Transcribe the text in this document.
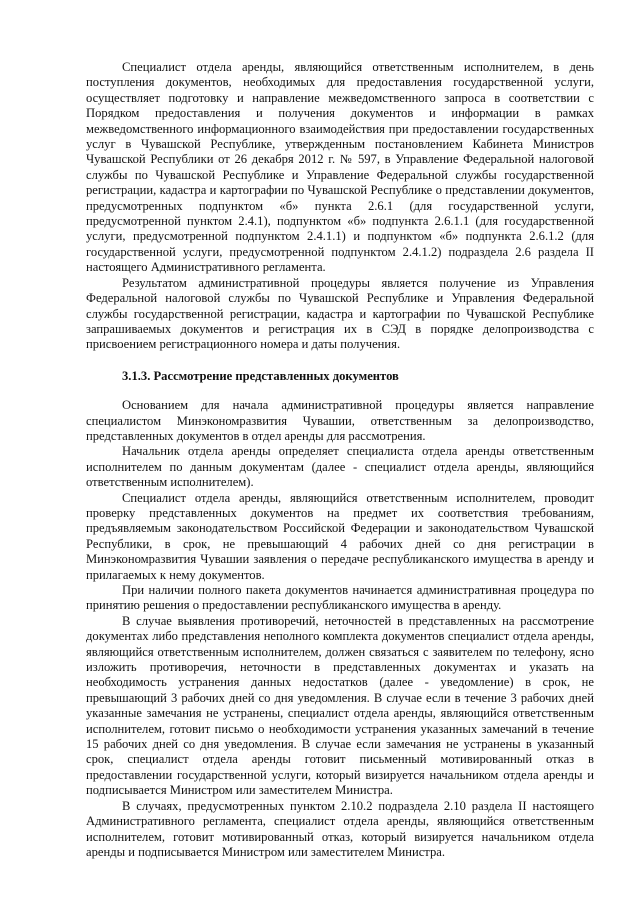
Специалист отдела аренды, являющийся ответственным исполнителем, в день поступления документов, необходимых для предоставления государственной услуги, осуществляет подготовку и направление межведомственного запроса в соответствии с Порядком предоставления и получения документов и информации в рамках межведомственного информационного взаимодействия при предоставлении государственных услуг в Чувашской Республике, утвержденным постановлением Кабинета Министров Чувашской Республики от 26 декабря 2012 г. № 597, в Управление Федеральной налоговой службы по Чувашской Республике и Управление Федеральной службы государственной регистрации, кадастра и картографии по Чувашской Республике о представлении документов, предусмотренных подпунктом «б» пункта 2.6.1 (для государственной услуги, предусмотренной пунктом 2.4.1), подпунктом «б» подпункта 2.6.1.1 (для государственной услуги, предусмотренной подпунктом 2.4.1.1) и подпунктом «б» подпункта 2.6.1.2 (для государственной услуги, предусмотренной подпунктом 2.4.1.2) подраздела 2.6 раздела II настоящего Административного регламента.

Результатом административной процедуры является получение из Управления Федеральной налоговой службы по Чувашской Республике и Управления Федеральной службы государственной регистрации, кадастра и картографии по Чувашской Республике запрашиваемых документов и регистрация их в СЭД в порядке делопроизводства с присвоением регистрационного номера и даты получения.

3.1.3. Рассмотрение представленных документов

Основанием для начала административной процедуры является направление специалистом Минэкономразвития Чувашии, ответственным за делопроизводство, представленных документов в отдел аренды для рассмотрения.

Начальник отдела аренды определяет специалиста отдела аренды ответственным исполнителем по данным документам (далее - специалист отдела аренды, являющийся ответственным исполнителем).

Специалист отдела аренды, являющийся ответственным исполнителем, проводит проверку представленных документов на предмет их соответствия требованиям, предъявляемым законодательством Российской Федерации и законодательством Чувашской Республики, в срок, не превышающий 4 рабочих дней со дня регистрации в Минэкономразвития Чувашии заявления о передаче республиканского имущества в аренду и прилагаемых к нему документов.

При наличии полного пакета документов начинается административная процедура по принятию решения о предоставлении республиканского имущества в аренду.

В случае выявления противоречий, неточностей в представленных на рассмотрение документах либо представления неполного комплекта документов специалист отдела аренды, являющийся ответственным исполнителем, должен связаться с заявителем по телефону, ясно изложить противоречия, неточности в представленных документах и указать на необходимость устранения данных недостатков (далее - уведомление) в срок, не превышающий 3 рабочих дней со дня уведомления. В случае если в течение 3 рабочих дней указанные замечания не устранены, специалист отдела аренды, являющийся ответственным исполнителем, готовит письмо о необходимости устранения указанных замечаний в течение 15 рабочих дней со дня уведомления. В случае если замечания не устранены в указанный срок, специалист отдела аренды готовит письменный мотивированный отказ в предоставлении государственной услуги, который визируется начальником отдела аренды и подписывается Министром или заместителем Министра.

В случаях, предусмотренных пунктом 2.10.2 подраздела 2.10 раздела II настоящего Административного регламента, специалист отдела аренды, являющийся ответственным исполнителем, готовит мотивированный отказ, который визируется начальником отдела аренды и подписывается Министром или заместителем Министра.
